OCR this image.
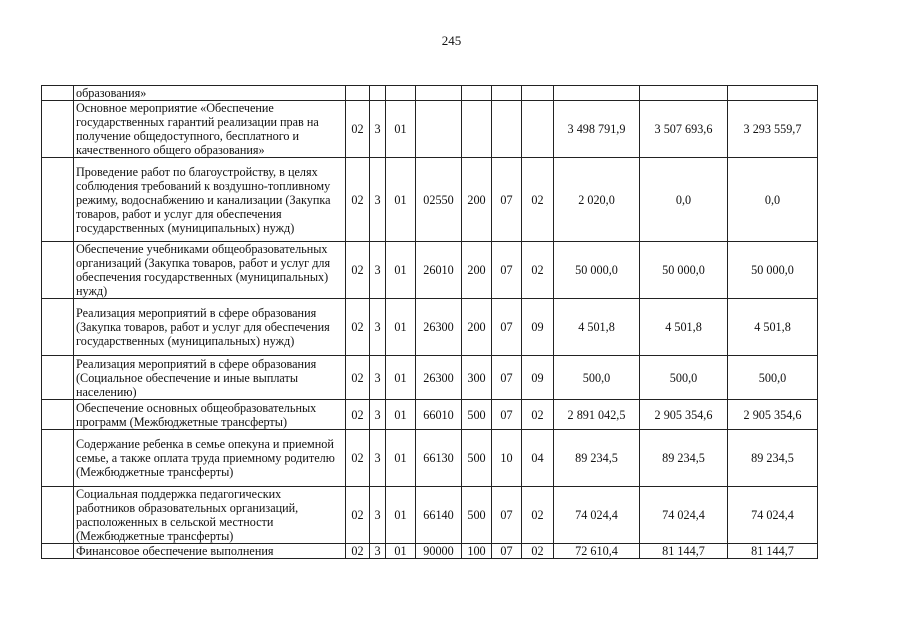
245
	образования»										
	Основное мероприятие «Обеспечение государственных гарантий реализации прав на получение общедоступного, бесплатного и качественного общего образования»	02	3	01					3 498 791,9	3 507 693,6	3 293 559,7
	Проведение работ по благоустройству, в целях соблюдения требований к воздушно-топливному режиму, водоснабжению и канализации (Закупка товаров, работ и услуг для обеспечения государственных (муниципальных) нужд)	02	3	01	02550	200	07	02	2 020,0	0,0	0,0
	Обеспечение учебниками общеобразовательных организаций (Закупка товаров, работ и услуг для обеспечения государственных (муниципальных) нужд)	02	3	01	26010	200	07	02	50 000,0	50 000,0	50 000,0
	Реализация мероприятий в сфере образования (Закупка товаров, работ и услуг для обеспечения государственных (муниципальных) нужд)	02	3	01	26300	200	07	09	4 501,8	4 501,8	4 501,8
	Реализация мероприятий в сфере образования (Социальное обеспечение и иные выплаты населению)	02	3	01	26300	300	07	09	500,0	500,0	500,0
	Обеспечение основных общеобразовательных программ (Межбюджетные трансферты)	02	3	01	66010	500	07	02	2 891 042,5	2 905 354,6	2 905 354,6
	Содержание ребенка в семье опекуна и приемной семье, а также оплата труда приемному родителю (Межбюджетные трансферты)	02	3	01	66130	500	10	04	89 234,5	89 234,5	89 234,5
	Социальная поддержка педагогических работников образовательных организаций, расположенных в сельской местности (Межбюджетные трансферты)	02	3	01	66140	500	07	02	74 024,4	74 024,4	74 024,4
	Финансовое обеспечение выполнения	02	3	01	90000	100	07	02	72 610,4	81 144,7	81 144,7
